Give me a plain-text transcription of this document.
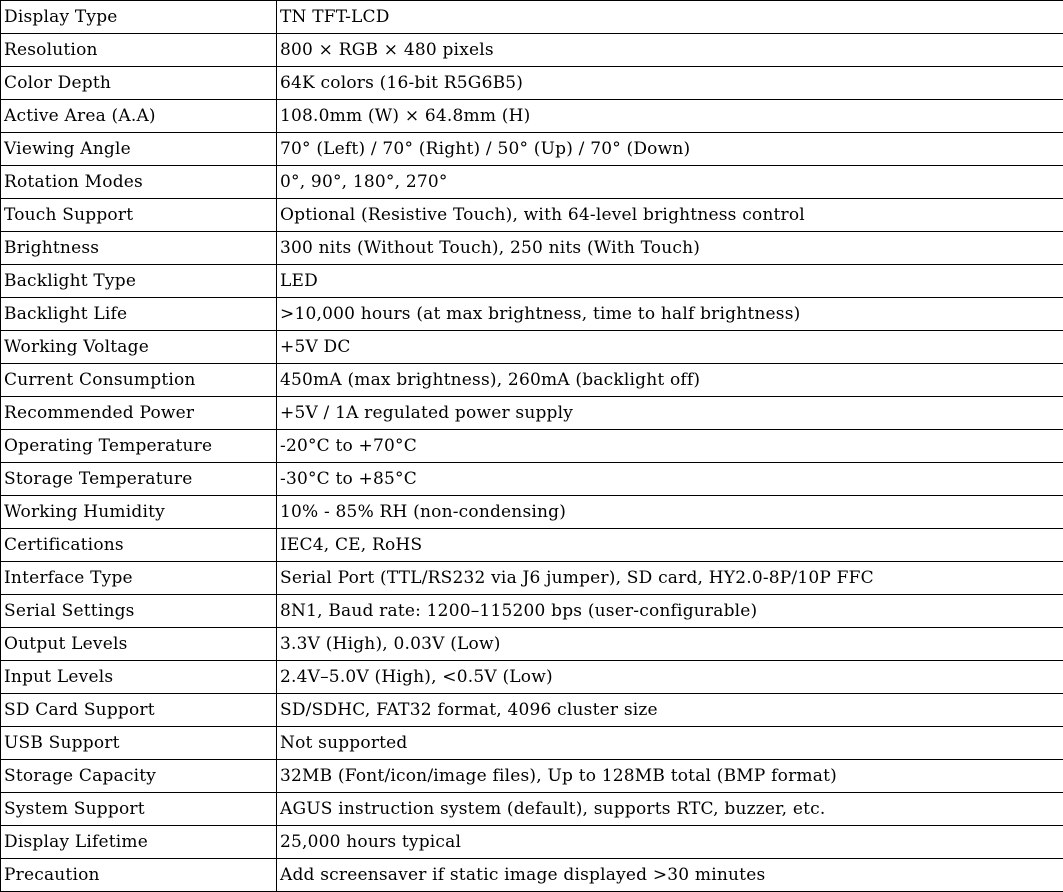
Display Type	TN TFT-LCD
Resolution	800 × RGB × 480 pixels
Color Depth	64K colors (16-bit R5G6B5)
Active Area (A.A)	108.0mm (W) × 64.8mm (H)
Viewing Angle	70° (Left) / 70° (Right) / 50° (Up) / 70° (Down)
Rotation Modes	0°, 90°, 180°, 270°
Touch Support	Optional (Resistive Touch), with 64-level brightness control
Brightness	300 nits (Without Touch), 250 nits (With Touch)
Backlight Type	LED
Backlight Life	>10,000 hours (at max brightness, time to half brightness)
Working Voltage	+5V DC
Current Consumption	450mA (max brightness), 260mA (backlight off)
Recommended Power	+5V / 1A regulated power supply
Operating Temperature	-20°C to +70°C
Storage Temperature	-30°C to +85°C
Working Humidity	10% - 85% RH (non-condensing)
Certifications	IEC4, CE, RoHS
Interface Type	Serial Port (TTL/RS232 via J6 jumper), SD card, HY2.0-8P/10P FFC
Serial Settings	8N1, Baud rate: 1200–115200 bps (user-configurable)
Output Levels	3.3V (High), 0.03V (Low)
Input Levels	2.4V–5.0V (High), <0.5V (Low)
SD Card Support	SD/SDHC, FAT32 format, 4096 cluster size
USB Support	Not supported
Storage Capacity	32MB (Font/icon/image files), Up to 128MB total (BMP format)
System Support	AGUS instruction system (default), supports RTC, buzzer, etc.
Display Lifetime	25,000 hours typical
Precaution	Add screensaver if static image displayed >30 minutes
